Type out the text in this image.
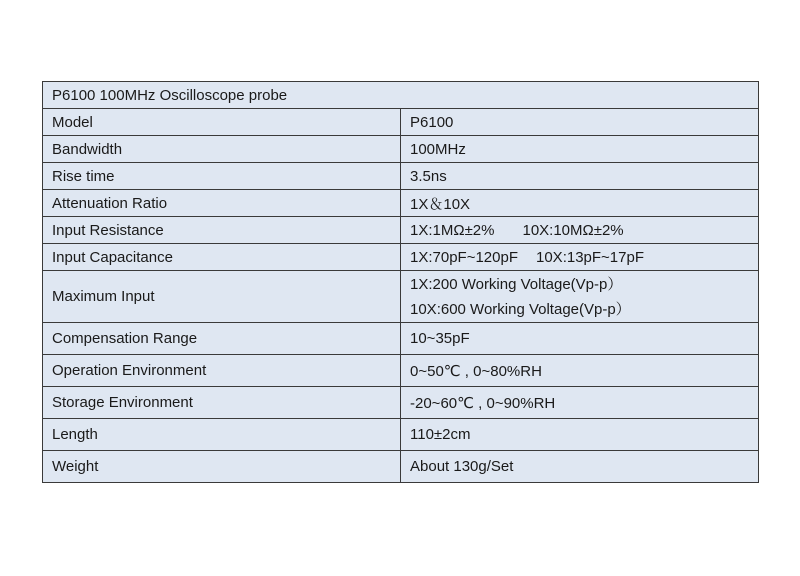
P6100 100MHz Oscilloscope probe	
Model	P6100
Bandwidth	100MHz
Rise time	3.5ns
Attenuation Ratio	1X＆10X
Input Resistance	1X:1MΩ±2% 10X:10MΩ±2%
Input Capacitance	1X:70pF~120pF 10X:13pF~17pF
Maximum Input	1X:200 Working Voltage(Vp-p）
10X:600 Working Voltage(Vp-p）

Compensation Range	10~35pF
Operation Environment	0~50℃ , 0~80%RH
Storage Environment	-20~60℃ , 0~90%RH
Length	110±2cm
Weight	About 130g/Set
